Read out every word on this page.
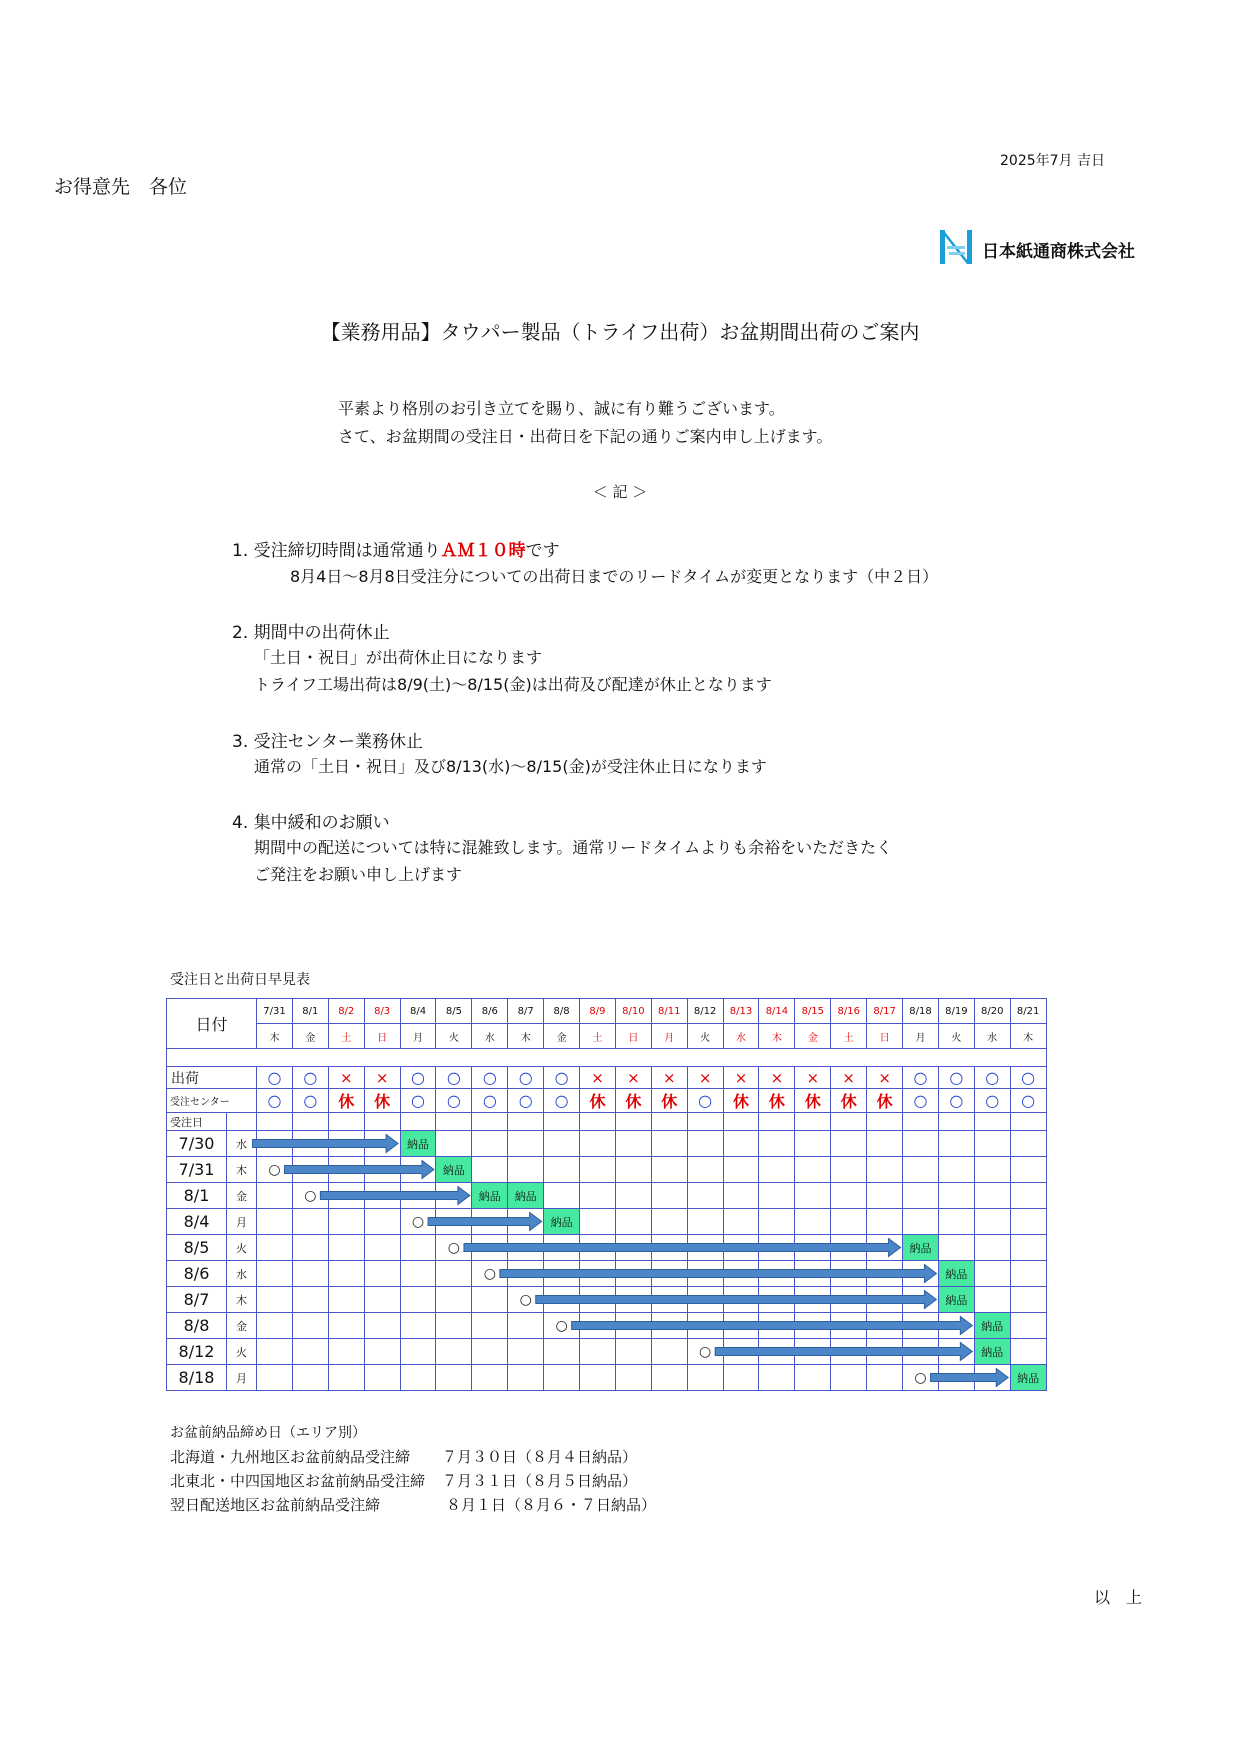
2025年7月 吉日
お得意先　各位
日本紙通商株式会社
【業務用品】タウパー製品（トライフ出荷）お盆期間出荷のご案内
平素より格別のお引き立てを賜り、誠に有り難うございます。
さて、お盆期間の受注日・出荷日を下記の通りご案内申し上げます。
＜ 記 ＞
1. 受注締切時間は通常通りＡＭ１０時です
8月4日～8月8日受注分についての出荷日までのリードタイムが変更となります（中２日）
2. 期間中の出荷休止
「土日・祝日」が出荷休止日になります
トライフ工場出荷は8/9(土)～8/15(金)は出荷及び配達が休止となります
3. 受注センター業務休止
通常の「土日・祝日」及び8/13(水)～8/15(金)が受注休止日になります
4. 集中緩和のお願い
期間中の配送については特に混雑致します。通常リードタイムよりも余裕をいただきたく
ご発注をお願い申し上げます
受注日と出荷日早見表
日付		7/31	8/1	8/2	8/3	8/4	8/5	8/6	8/7	8/8	8/9	8/10	8/11	8/12	8/13	8/14	8/15	8/16	8/17	8/18	8/19	8/20	8/21
		木	金	土	日	月	火	水	木	金	土	日	月	火	水	木	金	土	日	月	火	水	木

出荷		○	○	×	×	○	○	○	○	○	×	×	×	×	×	×	×	×	×	○	○	○	○
受注センター		○	○	休	休	○	○	○	○	○	休	休	休	○	休	休	休	休	休	○	○	○	○
受注日																							
7/30	水					納品																	
7/31	木	○					納品																
8/1	金		○					納品	納品														
8/4	月					○				納品													
8/5	火						○													納品			
8/6	水							○													納品		
8/7	木								○												納品		
8/8	金									○												納品	
8/12	火													○								納品	
8/18	月																			○			納品
お盆前納品締め日（エリア別）
北海道・九州地区お盆前納品受注締 ７月３０日（８月４日納品）
北東北・中四国地区お盆前納品受注締 ７月３１日（８月５日納品）
翌日配送地区お盆前納品受注締	８月１日（８月６・７日納品）
以　上
